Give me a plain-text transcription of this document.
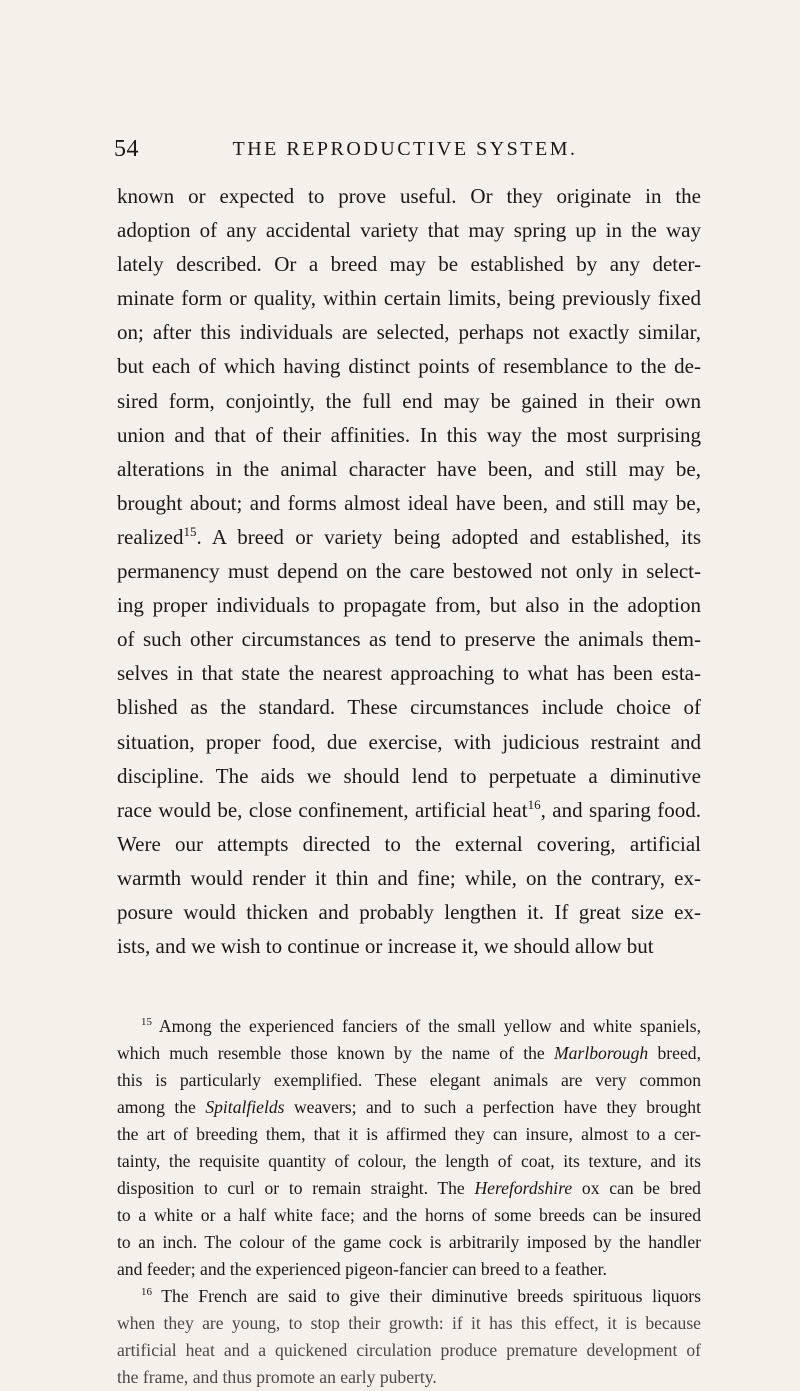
54	THE REPRODUCTIVE SYSTEM.
known or expected to prove useful. Or they originate in the
adoption of any accidental variety that may spring up in the way
lately described. Or a breed may be established by any deter-
minate form or quality, within certain limits, being previously fixed
on; after this individuals are selected, perhaps not exactly similar,
but each of which having distinct points of resemblance to the de-
sired form, conjointly, the full end may be gained in their own
union and that of their affinities. In this way the most surprising
alterations in the animal character have been, and still may be,
brought about; and forms almost ideal have been, and still may be,
realized$^{15}$. A breed or variety being adopted and established, its
permanency must depend on the care bestowed not only in select-
ing proper individuals to propagate from, but also in the adoption
of such other circumstances as tend to preserve the animals them-
selves in that state the nearest approaching to what has been esta-
blished as the standard. These circumstances include choice of
situation, proper food, due exercise, with judicious restraint and
discipline. The aids we should lend to perpetuate a diminutive
race would be, close confinement, artificial heat$^{16}$, and sparing food.
Were our attempts directed to the external covering, artificial
warmth would render it thin and fine; while, on the contrary, ex-
posure would thicken and probably lengthen it. If great size ex-
ists, and we wish to continue or increase it, we should allow but
$^{15}$ Among the experienced fanciers of the small yellow and white spaniels,
which much resemble those known by the name of the Marlborough breed,
this is particularly exemplified. These elegant animals are very common
among the Spitalfields weavers; and to such a perfection have they brought
the art of breeding them, that it is affirmed they can insure, almost to a cer-
tainty, the requisite quantity of colour, the length of coat, its texture, and its
disposition to curl or to remain straight. The Herefordshire ox can be bred
to a white or a half white face; and the horns of some breeds can be insured
to an inch. The colour of the game cock is arbitrarily imposed by the handler
and feeder; and the experienced pigeon-fancier can breed to a feather.
$^{16}$ The French are said to give their diminutive breeds spirituous liquors
when they are young, to stop their growth: if it has this effect, it is because
artificial heat and a quickened circulation produce premature development of
the frame, and thus promote an early puberty.
